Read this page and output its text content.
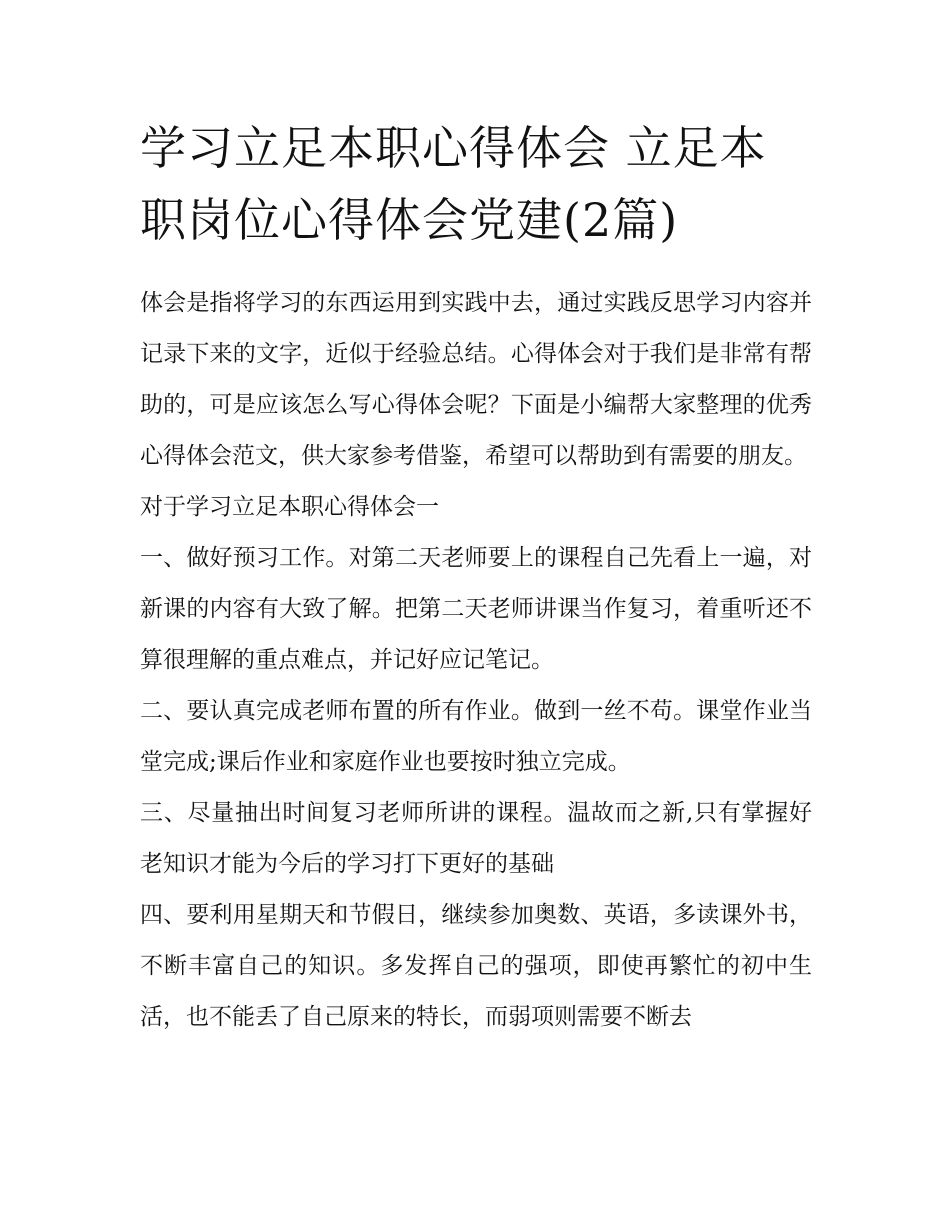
学习立足本职心得体会 立足本职岗位心得体会党建(2篇)

体会是指将学习的东西运用到实践中去，通过实践反思学习内容并记录下来的文字，近似于经验总结。心得体会对于我们是非常有帮助的，可是应该怎么写心得体会呢？下面是小编帮大家整理的优秀心得体会范文，供大家参考借鉴，希望可以帮助到有需要的朋友。

对于学习立足本职心得体会一

一、做好预习工作。对第二天老师要上的课程自己先看上一遍，对新课的内容有大致了解。把第二天老师讲课当作复习，着重听还不算很理解的重点难点，并记好应记笔记。

二、要认真完成老师布置的所有作业。做到一丝不苟。课堂作业当堂完成;课后作业和家庭作业也要按时独立完成。

三、尽量抽出时间复习老师所讲的课程。温故而之新,只有掌握好老知识才能为今后的学习打下更好的基础

四、要利用星期天和节假日，继续参加奥数、英语，多读课外书，不断丰富自己的知识。多发挥自己的强项，即使再繁忙的初中生活，也不能丢了自己原来的特长，而弱项则需要不断去
